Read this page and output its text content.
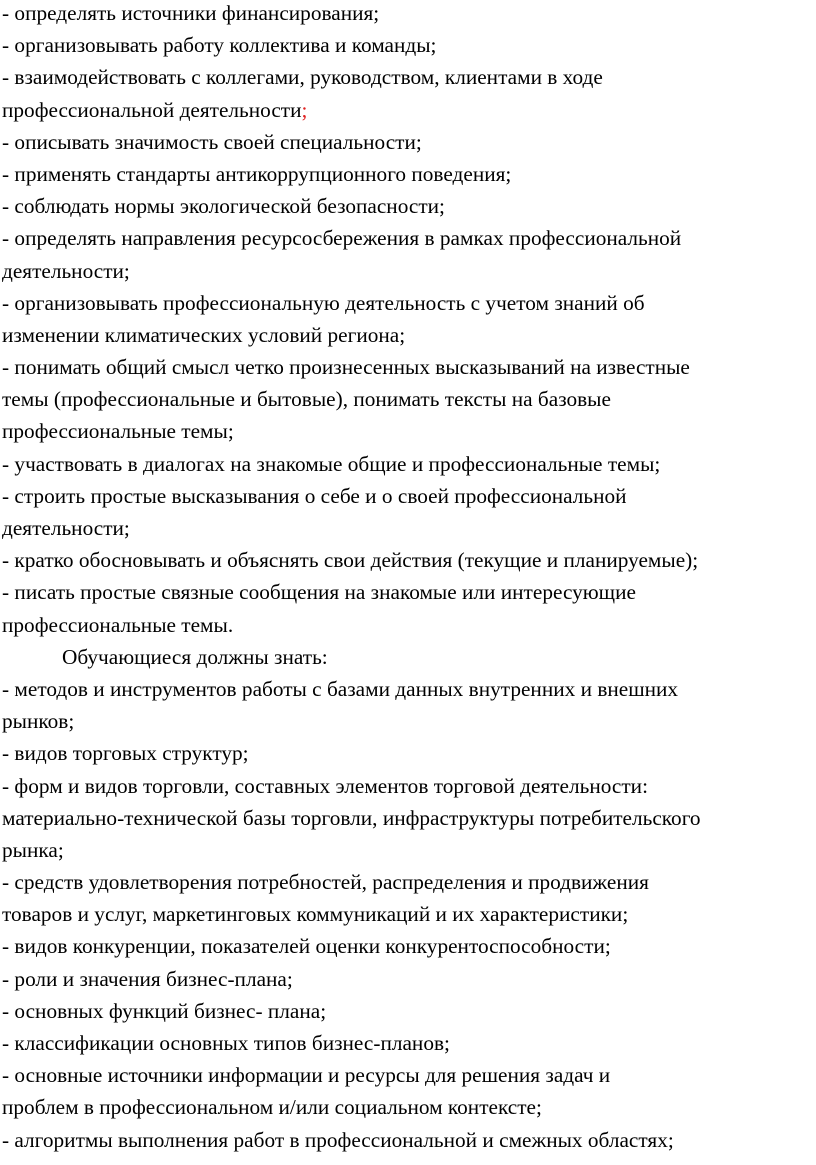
- определять источники финансирования;

- организовывать работу коллектива и команды;

- взаимодействовать с коллегами, руководством, клиентами в ходе

профессиональной деятельности;

- описывать значимость своей специальности;

- применять стандарты антикоррупционного поведения;

- соблюдать нормы экологической безопасности;

- определять направления ресурсосбережения в рамках профессиональной

деятельности;

- организовывать профессиональную деятельность с учетом знаний об

изменении климатических условий региона;

- понимать общий смысл четко произнесенных высказываний на известные

темы (профессиональные и бытовые), понимать тексты на базовые

профессиональные темы;

- участвовать в диалогах на знакомые общие и профессиональные темы;

- строить простые высказывания о себе и о своей профессиональной

деятельности;

- кратко обосновывать и объяснять свои действия (текущие и планируемые);

- писать простые связные сообщения на знакомые или интересующие

профессиональные темы.

Обучающиеся должны знать:

- методов и инструментов работы с базами данных внутренних и внешних

рынков;

- видов торговых структур;

- форм и видов торговли, составных элементов торговой деятельности:

материально-технической базы торговли, инфраструктуры потребительского

рынка;

- средств удовлетворения потребностей, распределения и продвижения

товаров и услуг, маркетинговых коммуникаций и их характеристики;

- видов конкуренции, показателей оценки конкурентоспособности;

- роли и значения бизнес-плана;

- основных функций бизнес- плана;

- классификации основных типов бизнес-планов;

- основные источники информации и ресурсы для решения задач и

проблем в профессиональном и/или социальном контексте;

- алгоритмы выполнения работ в профессиональной и смежных областях;
